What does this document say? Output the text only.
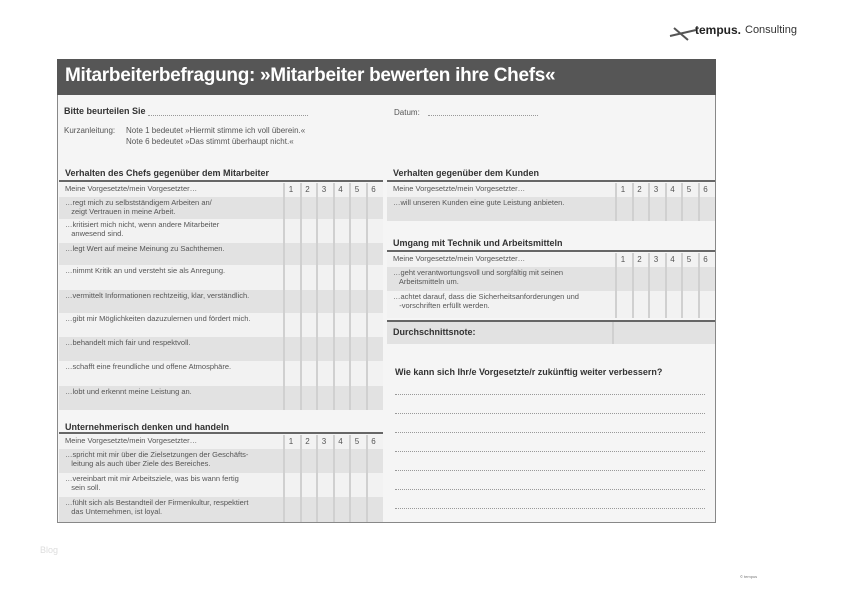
tempus. Consulting
Mitarbeiterbefragung: »Mitarbeiter bewerten ihre Chefs«
Bitte beurteilen Sie	Datum:
Kurzanleitung: Note 1 bedeutet »Hiermit stimme ich voll überein.«
Note 6 bedeutet »Das stimmt überhaupt nicht.«
Verhalten des Chefs gegenüber dem Mitarbeiter
Meine Vorgesetzte/mein Vorgesetzter…	1	2	3	4	5	6
…regt mich zu selbstständigem Arbeiten an/
zeigt Vertrauen in meine Arbeit.
…kritisiert mich nicht, wenn andere Mitarbeiter
anwesend sind.
…legt Wert auf meine Meinung zu Sachthemen.
…nimmt Kritik an und versteht sie als Anregung.
…vermittelt Informationen rechtzeitig, klar, verständlich.
…gibt mir Möglichkeiten dazuzulernen und fördert mich.
…behandelt mich fair und respektvoll.
…schafft eine freundliche und offene Atmosphäre.
…lobt und erkennt meine Leistung an.
Unternehmerisch denken und handeln
Meine Vorgesetzte/mein Vorgesetzter…	1	2	3	4	5	6
…spricht mit mir über die Zielsetzungen der Geschäfts-
leitung als auch über Ziele des Bereiches.
…vereinbart mit mir Arbeitsziele, was bis wann fertig
sein soll.
…fühlt sich als Bestandteil der Firmenkultur, respektiert
das Unternehmen, ist loyal.
Verhalten gegenüber dem Kunden
Meine Vorgesetzte/mein Vorgesetzter…	1	2	3	4	5	6
…will unseren Kunden eine gute Leistung anbieten.
Umgang mit Technik und Arbeitsmitteln
Meine Vorgesetzte/mein Vorgesetzter…	1	2	3	4	5	6
…geht verantwortungsvoll und sorgfältig mit seinen
Arbeitsmitteln um.
…achtet darauf, dass die Sicherheitsanforderungen und
-vorschriften erfüllt werden.
Durchschnittsnote:
Wie kann sich Ihr/e Vorgesetzte/r zukünftig weiter verbessern?
Blog
© tempus
